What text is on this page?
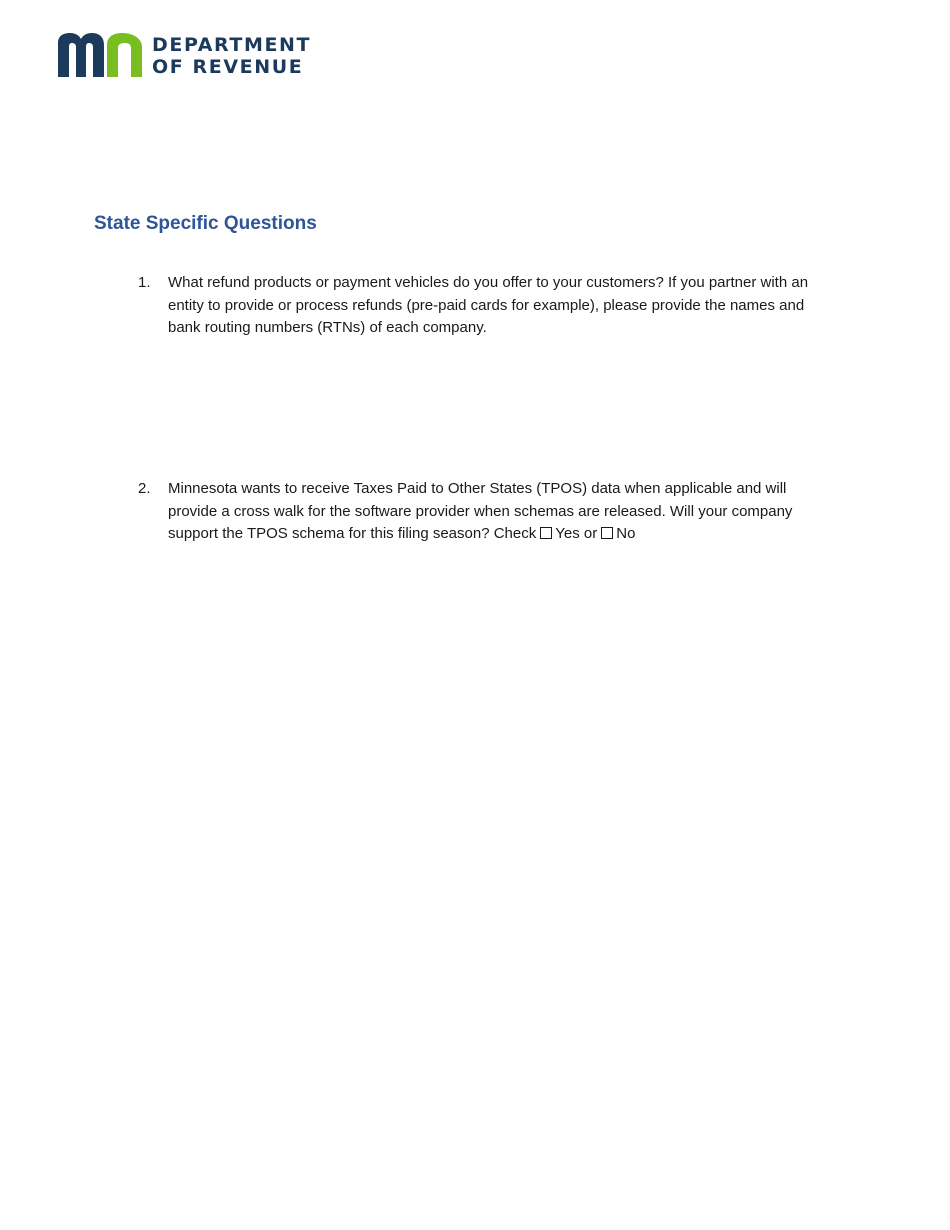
DEPARTMENT
OF REVENUE
State Specific Questions
1.	What refund products or payment vehicles do you offer to your customers? If you partner with an entity to provide or process refunds (pre-paid cards for example), please provide the names and bank routing numbers (RTNs) of each company.
2.	Minnesota wants to receive Taxes Paid to Other States (TPOS) data when applicable and will provide a cross walk for the software provider when schemas are released. Will your company support the TPOS schema for this filing season? Check Yes or No
